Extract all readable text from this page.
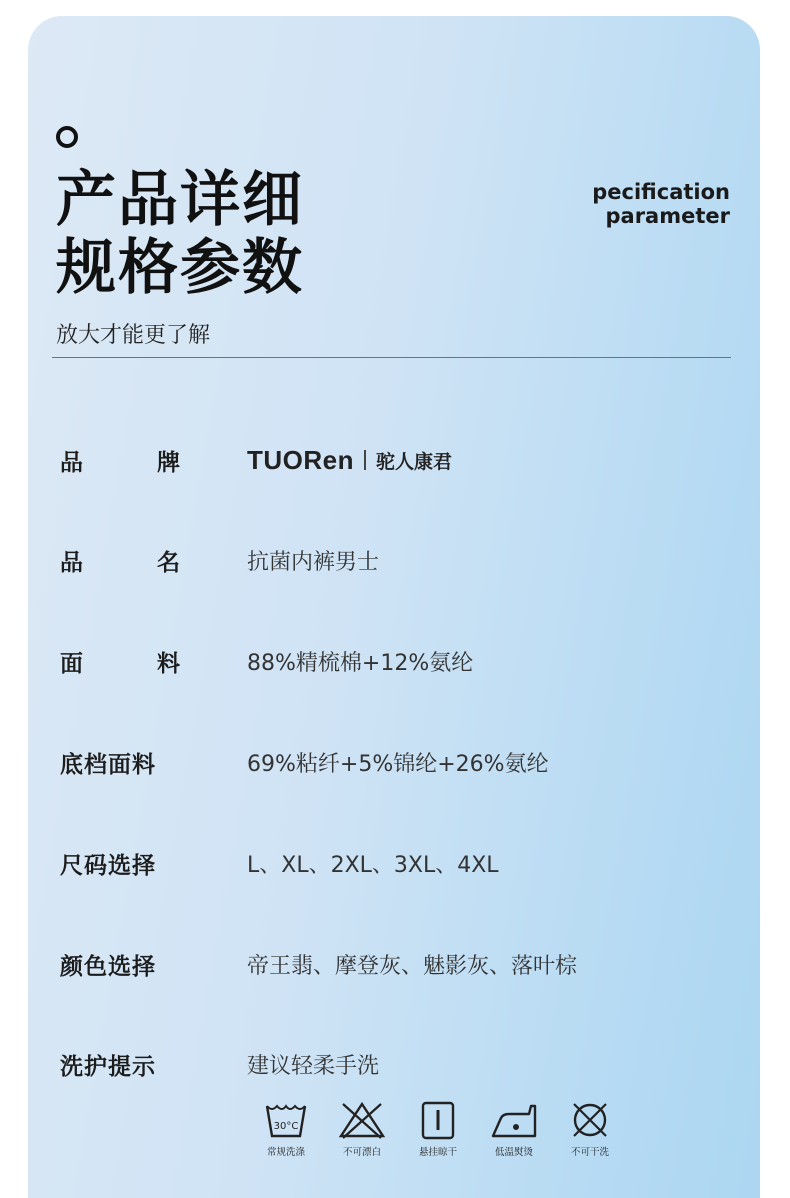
产品详细
规格参数
pecification
parameter
放大才能更了解
品	牌	TUORen 驼人康君
品	名	抗菌内裤男士
面	料	88%精梳棉+12%氨纶
底档面料	69%粘纤+5%锦纶+26%氨纶
尺码选择	L、XL、2XL、3XL、4XL
颜色选择	帝王翡、摩登灰、魅影灰、落叶棕
洗护提示	建议轻柔手洗
30°C
常规洗涤	不可漂白	悬挂晾干	低温熨烫	不可干洗
